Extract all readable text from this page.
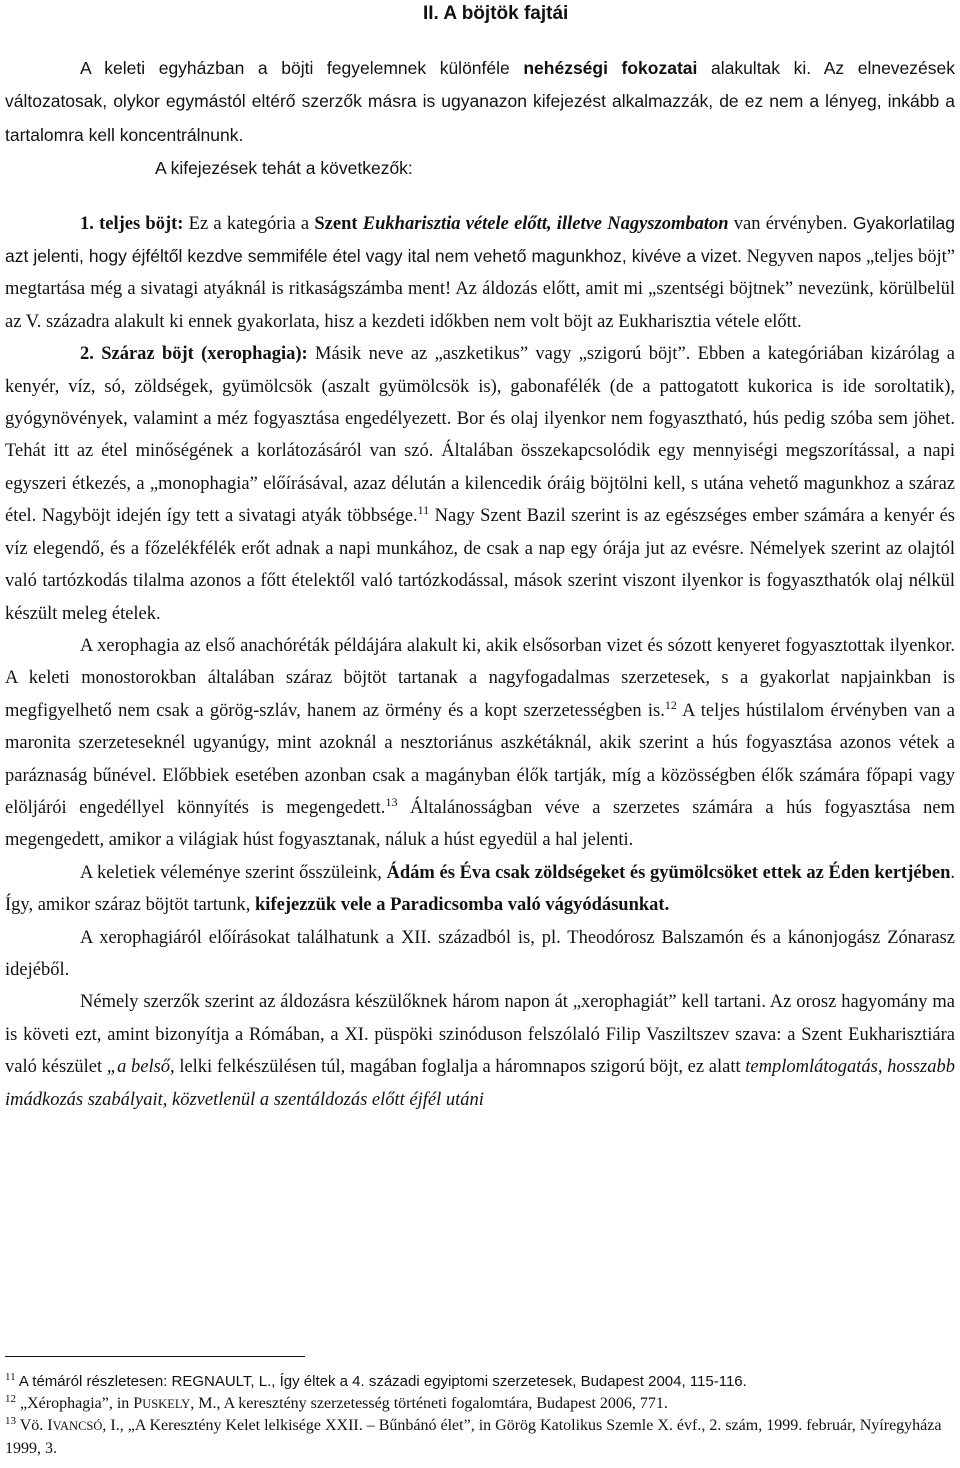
II. A böjtök fajtái

A keleti egyházban a böjti fegyelemnek különféle nehézségi fokozatai alakultak ki. Az elnevezések változatosak, olykor egymástól eltérő szerzők másra is ugyanazon kifejezést alkalmazzák, de ez nem a lényeg, inkább a tartalomra kell koncentrálnunk.
A kifejezések tehát a következők:

1. teljes böjt: Ez a kategória a Szent Eukharisztia vétele előtt, illetve Nagyszombaton van érvényben. Gyakorlatilag azt jelenti, hogy éjféltől kezdve semmiféle étel vagy ital nem vehető magunkhoz, kivéve a vizet. Negyven napos „teljes böjt” megtartása még a sivatagi atyáknál is ritkaságszámba ment! Az áldozás előtt, amit mi „szentségi böjtnek” nevezünk, körülbelül az V. századra alakult ki ennek gyakorlata, hisz a kezdeti időkben nem volt böjt az Eukharisztia vétele előtt.

2. Száraz böjt (xerophagia): Másik neve az „aszketikus” vagy „szigorú böjt”. Ebben a kategóriában kizárólag a kenyér, víz, só, zöldségek, gyümölcsök (aszalt gyümölcsök is), gabonafélék (de a pattogatott kukorica is ide soroltatik), gyógynövények, valamint a méz fogyasztása engedélyezett. Bor és olaj ilyenkor nem fogyasztható, hús pedig szóba sem jöhet. Tehát itt az étel minőségének a korlátozásáról van szó. Általában összekapcsolódik egy mennyiségi megszorítással, a napi egyszeri étkezés, a „monophagia” előírásával, azaz délután a kilencedik óráig böjtölni kell, s utána vehető magunkhoz a száraz étel. Nagyböjt idején így tett a sivatagi atyák többsége.$^{11}$ Nagy Szent Bazil szerint is az egészséges ember számára a kenyér és víz elegendő, és a főzelékfélék erőt adnak a napi munkához, de csak a nap egy órája jut az evésre. Némelyek szerint az olajtól való tartózkodás tilalma azonos a főtt ételektől való tartózkodással, mások szerint viszont ilyenkor is fogyaszthatók olaj nélkül készült meleg ételek.

A xerophagia az első anachóréták példájára alakult ki, akik elsősorban vizet és sózott kenyeret fogyasztottak ilyenkor. A keleti monostorokban általában száraz böjtöt tartanak a nagyfogadalmas szerzetesek, s a gyakorlat napjainkban is megfigyelhető nem csak a görög-szláv, hanem az örmény és a kopt szerzetességben is.$^{12}$ A teljes hústilalom érvényben van a maronita szerzeteseknél ugyanúgy, mint azoknál a nesztoriánus aszkétáknál, akik szerint a hús fogyasztása azonos vétek a paráznaság bűnével. Előbbiek esetében azonban csak a magányban élők tartják, míg a közösségben élők számára főpapi vagy elöljárói engedéllyel könnyítés is megengedett.$^{13}$ Általánosságban véve a szerzetes számára a hús fogyasztása nem megengedett, amikor a világiak húst fogyasztanak, náluk a húst egyedül a hal jelenti.

A keletiek véleménye szerint ősszüleink, Ádám és Éva csak zöldségeket és gyümölcsöket ettek az Éden kertjében. Így, amikor száraz böjtöt tartunk, kifejezzük vele a Paradicsomba való vágyódásunkat.

A xerophagiáról előírásokat találhatunk a XII. századból is, pl. Theodórosz Balszamón és a kánonjogász Zónarasz idejéből.

Némely szerzők szerint az áldozásra készülőknek három napon át „xerophagiát” kell tartani. Az orosz hagyomány ma is követi ezt, amint bizonyítja a Rómában, a XI. püspöki szinóduson felszólaló Filip Vasziltszev szava: a Szent Eukharisztiára való készület „a belső, lelki felkészülésen túl, magában foglalja a háromnapos szigorú böjt, ez alatt templomlátogatás, hosszabb imádkozás szabályait, közvetlenül a szentáldozás előtt éjfél utáni

$^{11}$ A témáról részletesen: REGNAULT, L., Így éltek a 4. századi egyiptomi szerzetesek, Budapest 2004, 115-116.

$^{12}$ „Xérophagia”, in PUSKELY, M., A keresztény szerzetesség történeti fogalomtára, Budapest 2006, 771.

$^{13}$ Vö. IVANCSÓ, I., „A Keresztény Kelet lelkisége XXII. – Bűnbánó élet”, in Görög Katolikus Szemle X. évf., 2. szám, 1999. február, Nyíregyháza 1999, 3.
